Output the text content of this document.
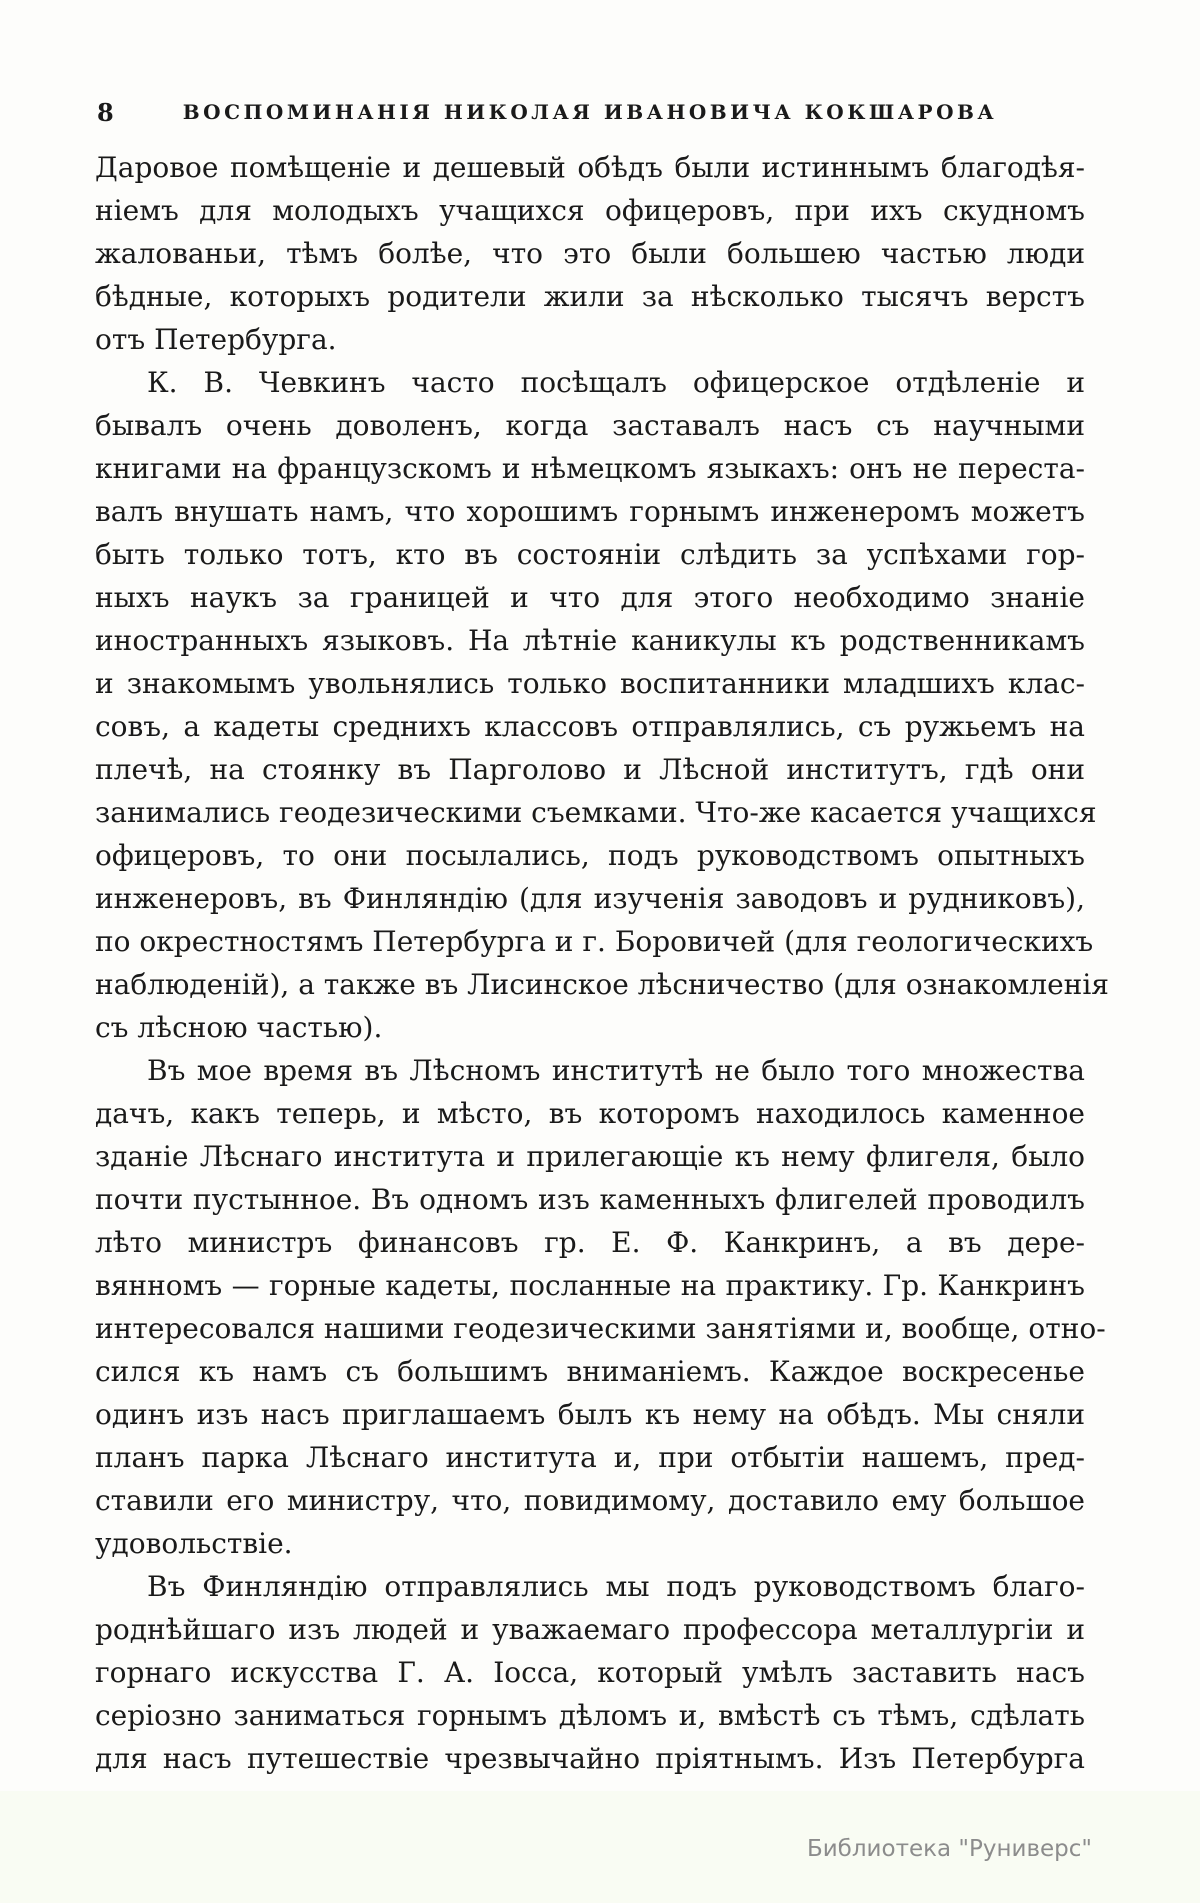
8	ВОСПОМИНАНІЯ НИКОЛАЯ ИВАНОВИЧА КОКШАРОВА
Даровое помѣщеніе и дешевый обѣдъ были истиннымъ благодѣя-
ніемъ для молодыхъ учащихся офицеровъ, при ихъ скудномъ
жалованьи, тѣмъ болѣе, что это были большею частью люди
бѣдные, которыхъ родители жили за нѣсколько тысячъ верстъ
отъ Петербурга.
К. В. Чевкинъ часто посѣщалъ офицерское отдѣленіе и
бывалъ очень доволенъ, когда заставалъ насъ съ научными
книгами на французскомъ и нѣмецкомъ языкахъ: онъ не переста-
валъ внушать намъ, что хорошимъ горнымъ инженеромъ можетъ
быть только тотъ, кто въ состояніи слѣдить за успѣхами гор-
ныхъ наукъ за границей и что для этого необходимо знаніе
иностранныхъ языковъ. На лѣтніе каникулы къ родственникамъ
и знакомымъ увольнялись только воспитанники младшихъ клас-
совъ, а кадеты среднихъ классовъ отправлялись, съ ружьемъ на
плечѣ, на стоянку въ Парголово и Лѣсной институтъ, гдѣ они
занимались геодезическими съемками. Что-же касается учащихся
офицеровъ, то они посылались, подъ руководствомъ опытныхъ
инженеровъ, въ Финляндію (для изученія заводовъ и рудниковъ),
по окрестностямъ Петербурга и г. Боровичей (для геологическихъ
наблюденій), а также въ Лисинское лѣсничество (для ознакомленія
съ лѣсною частью).
Въ мое время въ Лѣсномъ институтѣ не было того множества
дачъ, какъ теперь, и мѣсто, въ которомъ находилось каменное
зданіе Лѣснаго института и прилегающіе къ нему флигеля, было
почти пустынное. Въ одномъ изъ каменныхъ флигелей проводилъ
лѣто министръ финансовъ гр. Е. Ф. Канкринъ, а въ дере-
вянномъ — горные кадеты, посланные на практику. Гр. Канкринъ
интересовался нашими геодезическими занятіями и, вообще, отно-
сился къ намъ съ большимъ вниманіемъ. Каждое воскресенье
одинъ изъ насъ приглашаемъ былъ къ нему на обѣдъ. Мы сняли
планъ парка Лѣснаго института и, при отбытіи нашемъ, пред-
ставили его министру, что, повидимому, доставило ему большое
удовольствіе.
Въ Финляндію отправлялись мы подъ руководствомъ благо-
роднѣйшаго изъ людей и уважаемаго профессора металлургіи и
горнаго искусства Г. А. Іосса, который умѣлъ заставить насъ
серіозно заниматься горнымъ дѣломъ и, вмѣстѣ съ тѣмъ, сдѣлать
для насъ путешествіе чрезвычайно пріятнымъ. Изъ Петербурга
Библиотека "Руниверс"
